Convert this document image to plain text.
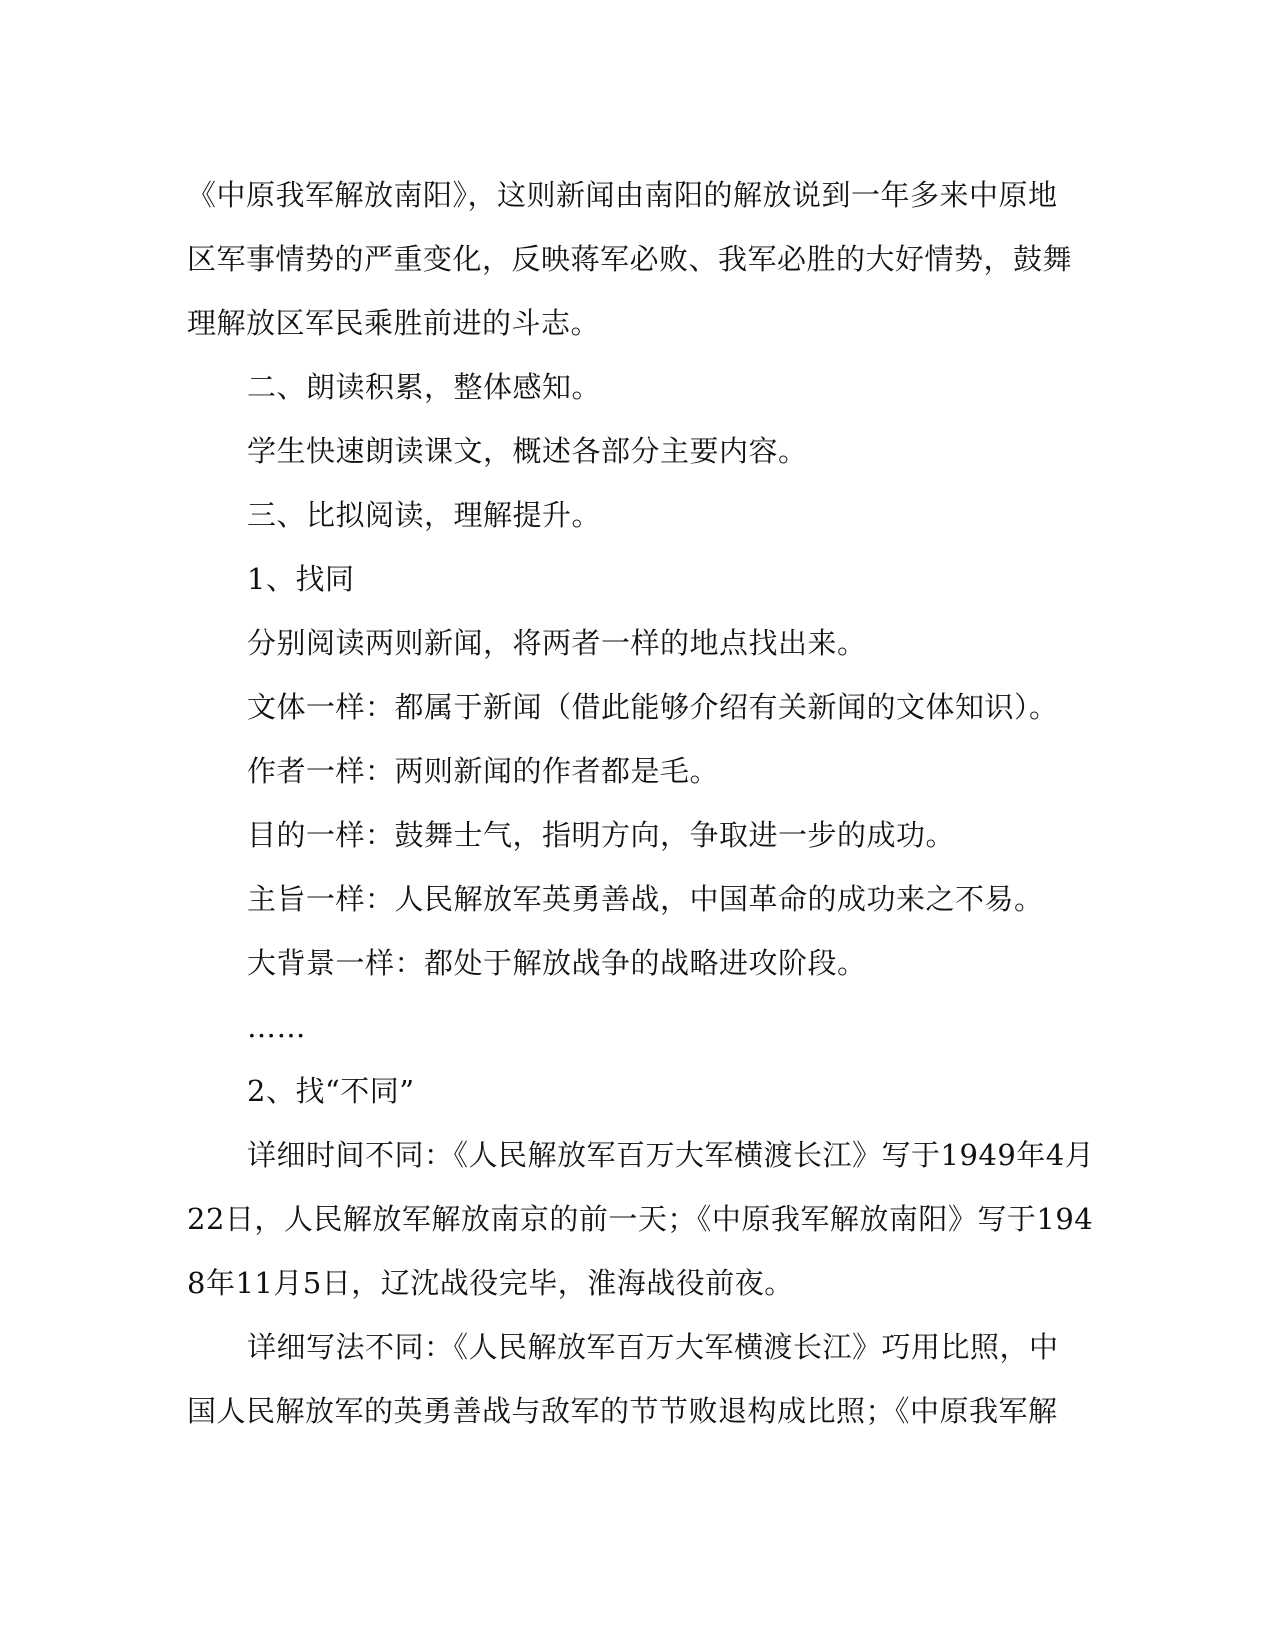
《中原我军解放南阳》，这则新闻由南阳的解放说到一年多来中原地
区军事情势的严重变化，反映蒋军必败、我军必胜的大好情势，鼓舞
理解放区军民乘胜前进的斗志。
二、朗读积累，整体感知。
学生快速朗读课文，概述各部分主要内容。
三、比拟阅读，理解提升。
1、找同
分别阅读两则新闻，将两者一样的地点找出来。
文体一样：都属于新闻（借此能够介绍有关新闻的文体知识）。
作者一样：两则新闻的作者都是毛。
目的一样：鼓舞士气，指明方向，争取进一步的成功。
主旨一样：人民解放军英勇善战，中国革命的成功来之不易。
大背景一样：都处于解放战争的战略进攻阶段。
……
2、找“不同”
详细时间不同：《人民解放军百万大军横渡长江》写于1949年4月
22日，人民解放军解放南京的前一天；《中原我军解放南阳》写于194
8年11月5日，辽沈战役完毕，淮海战役前夜。
详细写法不同：《人民解放军百万大军横渡长江》巧用比照，中
国人民解放军的英勇善战与敌军的节节败退构成比照；《中原我军解
